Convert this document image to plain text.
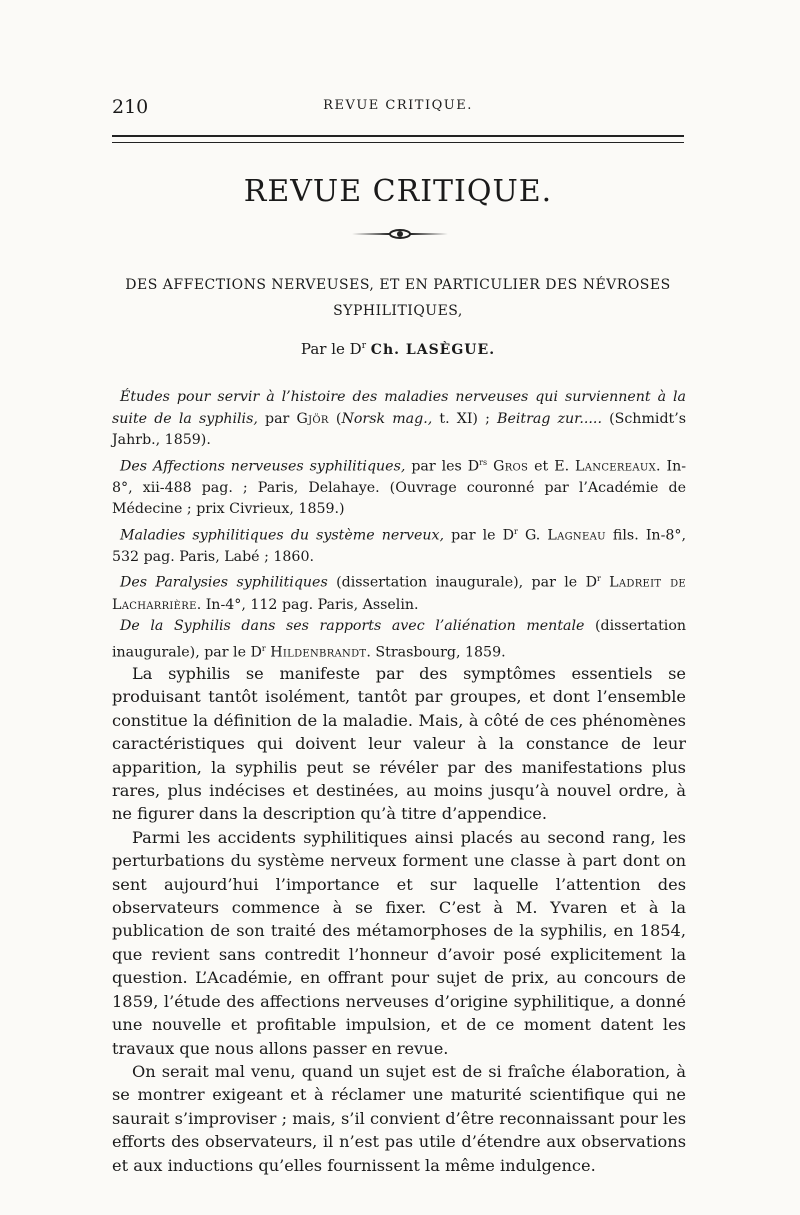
210	REVUE CRITIQUE.
REVUE CRITIQUE.
DES AFFECTIONS NERVEUSES, ET EN PARTICULIER DES NÉVROSES
SYPHILITIQUES,
Par le $D^r$ Ch. LASÈGUE.

Études pour servir à l’histoire des maladies nerveuses qui surviennent à la suite de la syphilis, par Gjör (Norsk mag., t. XI) ; Beitrag zur..... (Schmidt’s Jahrb., 1859).

Des Affections nerveuses syphilitiques, par les $D^{rs}$ Gros et E. Lancereaux. In-8°, xii-488 pag. ; Paris, Delahaye. (Ouvrage couronné par l’Académie de Médecine ; prix Civrieux, 1859.)

Maladies syphilitiques du système nerveux, par le $D^r$ G. Lagneau fils. In-8°, 532 pag. Paris, Labé ; 1860.

Des Paralysies syphilitiques (dissertation inaugurale), par le $D^r$ Ladreit de Lacharrière. In-4°, 112 pag. Paris, Asselin.

De la Syphilis dans ses rapports avec l’aliénation mentale (dissertation inaugurale), par le $D^r$ Hildenbrandt. Strasbourg, 1859.

La syphilis se manifeste par des symptômes essentiels se produisant tantôt isolément, tantôt par groupes, et dont l’ensemble constitue la définition de la maladie. Mais, à côté de ces phénomènes caractéristiques qui doivent leur valeur à la constance de leur apparition, la syphilis peut se révéler par des manifestations plus rares, plus indécises et destinées, au moins jusqu’à nouvel ordre, à ne figurer dans la description qu’à titre d’appendice.

Parmi les accidents syphilitiques ainsi placés au second rang, les perturbations du système nerveux forment une classe à part dont on sent aujourd’hui l’importance et sur laquelle l’attention des observateurs commence à se fixer. C’est à M. Yvaren et à la publication de son traité des métamorphoses de la syphilis, en 1854, que revient sans contredit l’honneur d’avoir posé explicitement la question. L’Académie, en offrant pour sujet de prix, au concours de 1859, l’étude des affections nerveuses d’origine syphilitique, a donné une nouvelle et profitable impulsion, et de ce moment datent les travaux que nous allons passer en revue.

On serait mal venu, quand un sujet est de si fraîche élaboration, à se montrer exigeant et à réclamer une maturité scientifique qui ne saurait s’improviser ; mais, s’il convient d’être reconnaissant pour les efforts des observateurs, il n’est pas utile d’étendre aux observations et aux inductions qu’elles fournissent la même indulgence.
